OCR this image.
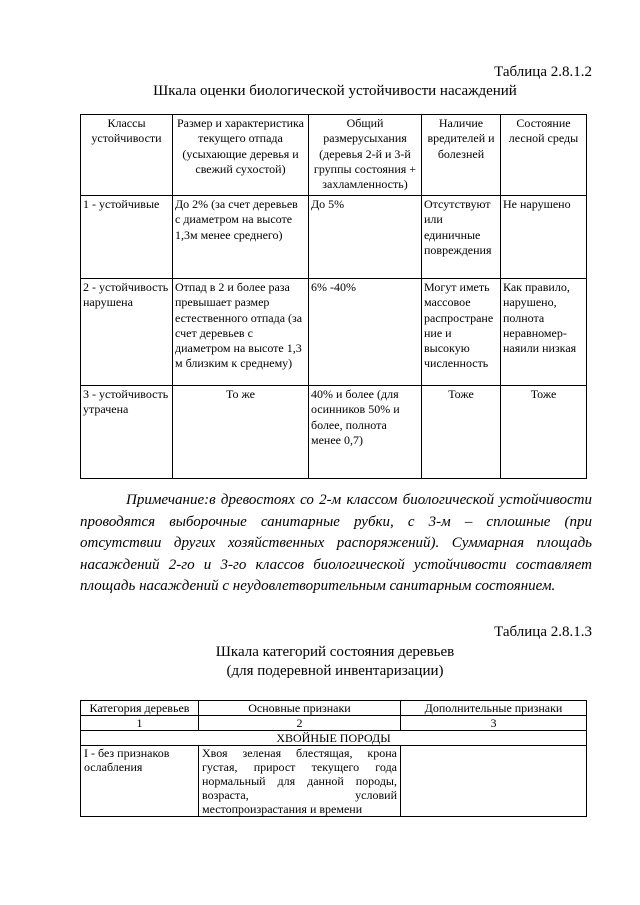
Таблица 2.8.1.2
Шкала оценки биологической устойчивости насаждений
Классы устойчивости	Размер и характеристика текущего отпада (усыхающие деревья и свежий сухостой)	Общий размерусыхания (деревья 2-й и 3-й группы состояния + захламленность)	Наличие вредителей и болезней	Состояние лесной среды
1 - устойчивые	До 2% (за счет деревьев с диаметром на высоте 1,3м менее среднего)	До 5%	Отсутствуют или единичные повреждения	Не нарушено
2 - устойчивость нарушена	Отпад в 2 и более раза превышает размер естественного отпада (за счет деревьев с диаметром на высоте 1,3 м близким к среднему)	6% -40%	Могут иметь массовое распростране ние и высокую численность	Как правило, нарушено, полнота неравномер-наяили низкая
3 - устойчивость утрачена	То же	40% и более (для осинников 50% и более, полнота менее 0,7)	Тоже	Тоже

Примечание:в древостоях со 2-м классом биологической устойчивости проводятся выборочные санитарные рубки, с 3-м – сплошные (при отсутствии других хозяйственных распоряжений). Суммарная площадь насаждений 2-го и 3-го классов биологической устойчивости составляет площадь насаждений с неудовлетворительным санитарным состоянием.

Таблица 2.8.1.3
Шкала категорий состояния деревьев
(для подеревной инвентаризации)
Категория деревьев	Основные признаки	Дополнительные признаки
1	2	3
ХВОЙНЫЕ ПОРОДЫ		
I - без признаков ослабления	Хвоя зеленая блестящая, крона густая, прирост текущего года нормальный для данной породы, возраста, условий местопроизрастания и времени	
